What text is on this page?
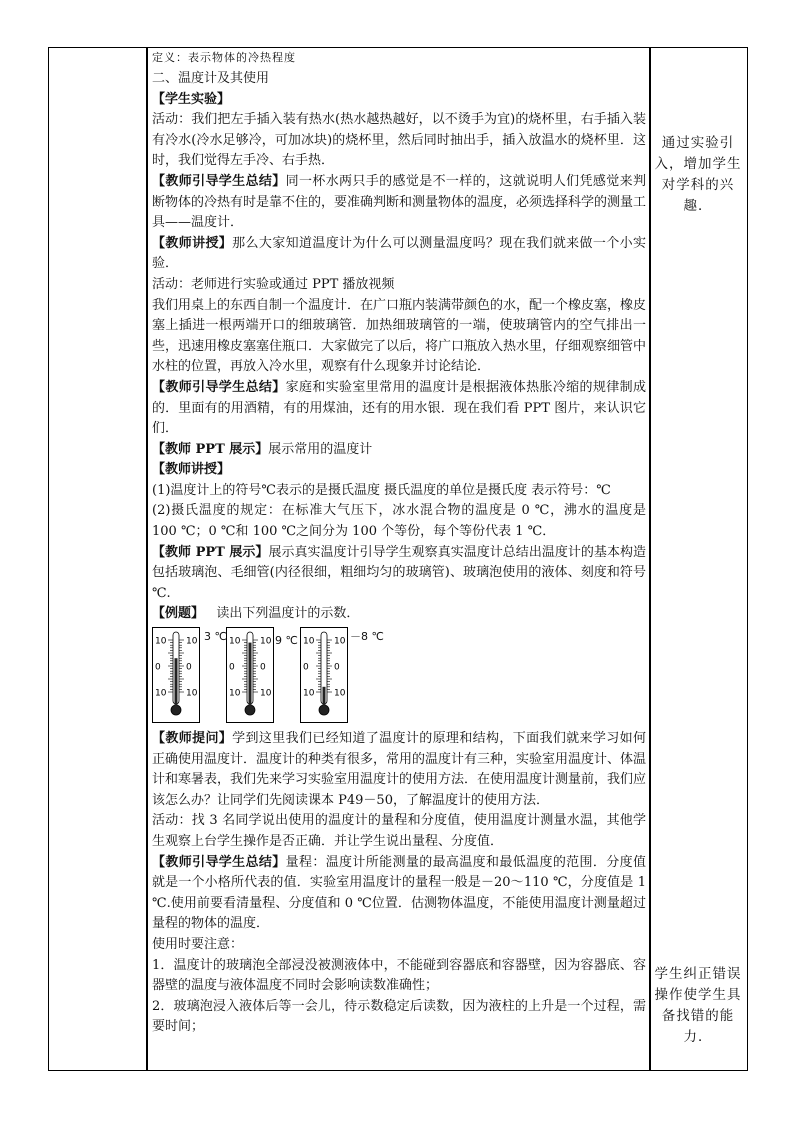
定义：表示物体的冷热程度

二、温度计及其使用

【学生实验】

活动：我们把左手插入装有热水(热水越热越好，以不烫手为宜)的烧杯里，右手插入装有冷水(冷水足够冷，可加冰块)的烧杯里，然后同时抽出手，插入放温水的烧杯里．这时，我们觉得左手冷、右手热．

【教师引导学生总结】同一杯水两只手的感觉是不一样的，这就说明人们凭感觉来判断物体的冷热有时是靠不住的，要准确判断和测量物体的温度，必须选择科学的测量工具——温度计．

【教师讲授】那么大家知道温度计为什么可以测量温度吗？现在我们就来做一个小实验．

活动：老师进行实验或通过 PPT 播放视频

我们用桌上的东西自制一个温度计．在广口瓶内装满带颜色的水，配一个橡皮塞，橡皮塞上插进一根两端开口的细玻璃管．加热细玻璃管的一端，使玻璃管内的空气排出一些，迅速用橡皮塞塞住瓶口．大家做完了以后，将广口瓶放入热水里，仔细观察细管中水柱的位置，再放入冷水里，观察有什么现象并讨论结论．

【教师引导学生总结】家庭和实验室里常用的温度计是根据液体热胀冷缩的规律制成的．里面有的用酒精，有的用煤油，还有的用水银．现在我们看 PPT 图片，来认识它们．

【教师 PPT 展示】展示常用的温度计

【教师讲授】

(1)温度计上的符号℃表示的是摄氏温度 摄氏温度的单位是摄氏度 表示符号：℃

(2)摄氏温度的规定：在标准大气压下，冰水混合物的温度是 0 ℃，沸水的温度是 100 ℃；0 ℃和 100 ℃之间分为 100 个等份，每个等份代表 1 ℃．

【教师 PPT 展示】展示真实温度计引导学生观察真实温度计总结出温度计的基本构造包括玻璃泡、毛细管(内径很细，粗细均匀的玻璃管)、玻璃泡使用的液体、刻度和符号 ℃.

【例题】 读出下列温度计的示数．

10 10
0	0
10 10
3 ℃ 10 10
0	0
10 10
9 ℃ 10 10
0	0
10 10
－8 ℃

【教师提问】学到这里我们已经知道了温度计的原理和结构，下面我们就来学习如何正确使用温度计．温度计的种类有很多，常用的温度计有三种，实验室用温度计、体温计和寒暑表，我们先来学习实验室用温度计的使用方法．在使用温度计测量前，我们应该怎么办？让同学们先阅读课本 P49－50，了解温度计的使用方法．

活动：找 3 名同学说出使用的温度计的量程和分度值，使用温度计测量水温，其他学生观察上台学生操作是否正确．并让学生说出量程、分度值．

【教师引导学生总结】量程：温度计所能测量的最高温度和最低温度的范围．分度值就是一个小格所代表的值．实验室用温度计的量程一般是－20～110 ℃，分度值是 1 ℃.使用前要看清量程、分度值和 0 ℃位置．估测物体温度，不能使用温度计测量超过量程的物体的温度．

使用时要注意：

1．温度计的玻璃泡全部浸没被测液体中，不能碰到容器底和容器壁，因为容器底、容器壁的温度与液体温度不同时会影响读数准确性；

2．玻璃泡浸入液体后等一会儿，待示数稳定后读数，因为液柱的上升是一个过程，需要时间；

通过实验引入，增加学生对学科的兴趣．
学生纠正错误操作使学生具备找错的能力．
